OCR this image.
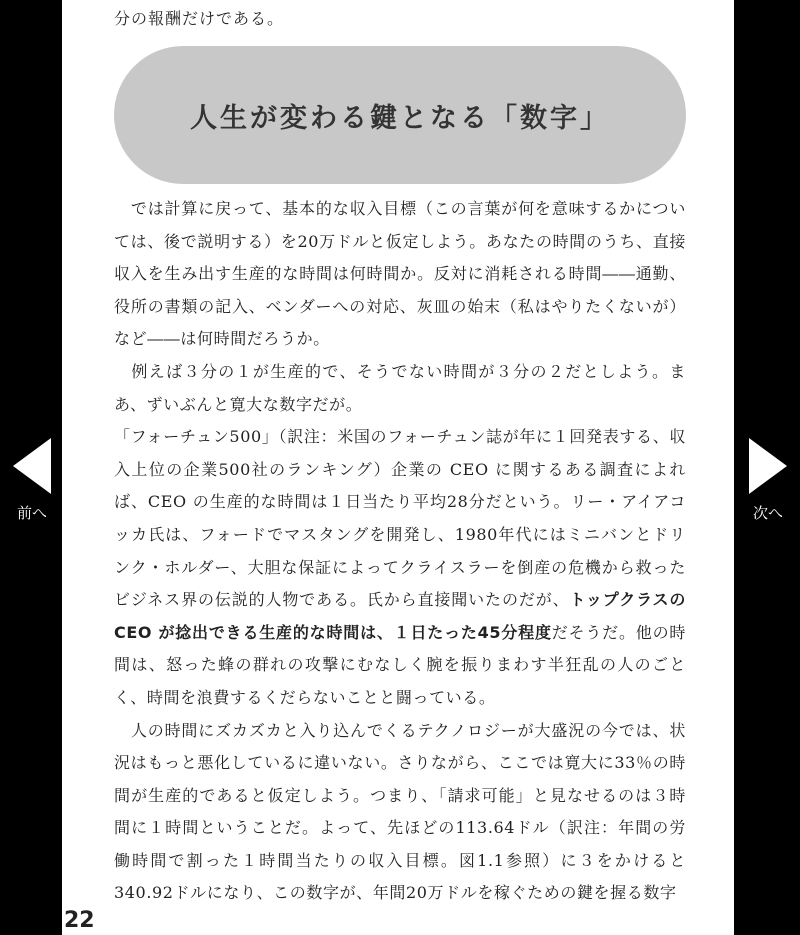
前へ
分の報酬だけである。
人生が変わる鍵となる「数字」

　では計算に戻って、基本的な収入目標（この言葉が何を意味するかについては、後で説明する）を20万ドルと仮定しよう。あなたの時間のうち、直接収入を生み出す生産的な時間は何時間か。反対に消耗される時間――通勤、役所の書類の記入、ベンダーへの対応、灰皿の始末（私はやりたくないが）など――は何時間だろうか。

　例えば３分の１が生産的で、そうでない時間が３分の２だとしよう。まあ、ずいぶんと寛大な数字だが。

「フォーチュン500」（訳注：米国のフォーチュン誌が年に１回発表する、収入上位の企業500社のランキング）企業の CEO に関するある調査によれば、CEO の生産的な時間は１日当たり平均28分だという。リー・アイアコッカ氏は、フォードでマスタングを開発し、1980年代にはミニバンとドリンク・ホルダー、大胆な保証によってクライスラーを倒産の危機から救ったビジネス界の伝説的人物である。氏から直接聞いたのだが、トップクラスの CEO が捻出できる生産的な時間は、１日たった45分程度だそうだ。他の時間は、怒った蜂の群れの攻撃にむなしく腕を振りまわす半狂乱の人のごとく、時間を浪費するくだらないことと闘っている。

　人の時間にズカズカと入り込んでくるテクノロジーが大盛況の今では、状況はもっと悪化しているに違いない。さりながら、ここでは寛大に33％の時間が生産的であると仮定しよう。つまり、「請求可能」と見なせるのは３時間に１時間ということだ。よって、先ほどの113.64ドル（訳注：年間の労働時間で割った１時間当たりの収入目標。図1.1参照）に３をかけると340.92ドルになり、この数字が、年間20万ドルを稼ぐための鍵を握る数字

22
次へ
